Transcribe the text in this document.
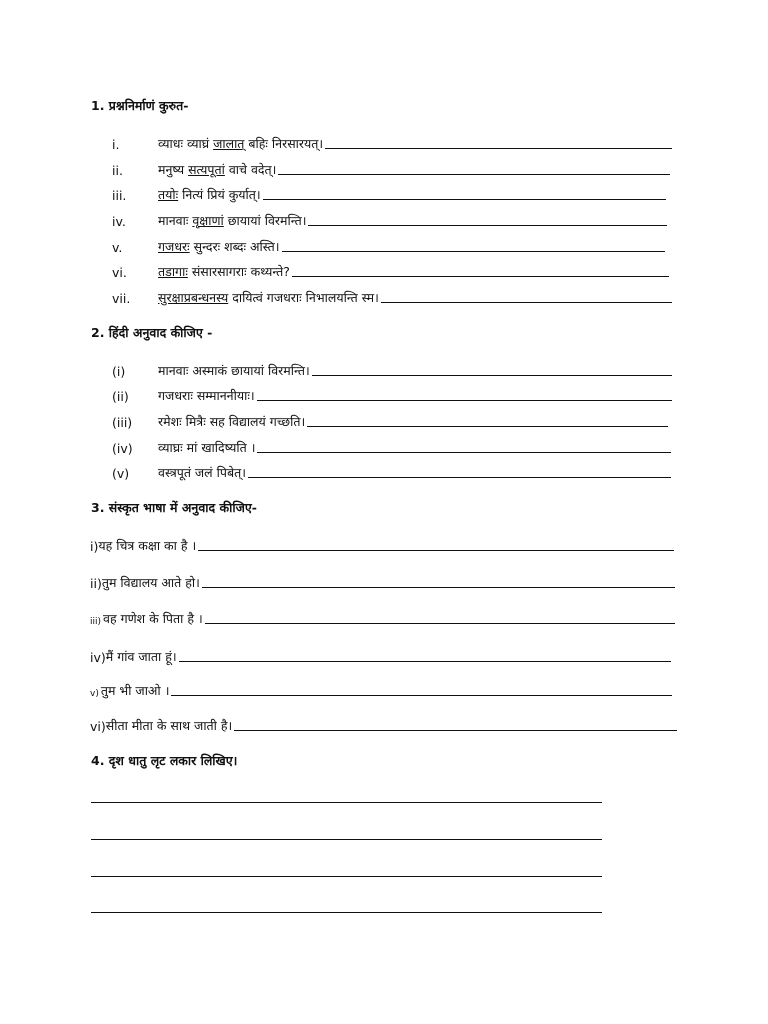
1. प्रश्ननिर्माणं कुरुत-
i.	व्याधः व्याघ्रं जालात् बहिः निरसारयत्।
ii.	मनुष्य सत्यपूतां वाचे वदेत्।
iii.	तयोः नित्यं प्रियं कुर्यात्।
iv.	मानवाः वृक्षाणां छायायां विरमन्ति।
v.	गजधरः सुन्दरः शब्दः अस्ति।
vi.	तडागाः संसारसागराः कथ्यन्ते?
vii.	सुरक्षाप्रबन्धनस्य दायित्वं गजधराः निभालयन्ति स्म।
2. हिंदी अनुवाद कीजिए -
(i)	मानवाः अस्माकं छायायां विरमन्ति।
(ii)	गजधराः सम्माननीयाः।
(iii)	रमेशः मित्रैः सह विद्यालयं गच्छति।
(iv)	व्याघ्रः मां खादिष्यति ।
(v)	वस्त्रपूतं जलं पिबेत्।
3. संस्कृत भाषा में अनुवाद कीजिए-
i) यह चित्र कक्षा का है ।
ii) तुम विद्यालय आते हो।
iii) वह गणेश के पिता है ।
iv) मैं गांव जाता हूं।
v) तुम भी जाओ ।
vi) सीता मीता के साथ जाती है।
4. दृश धातु लृट लकार लिखिए।
